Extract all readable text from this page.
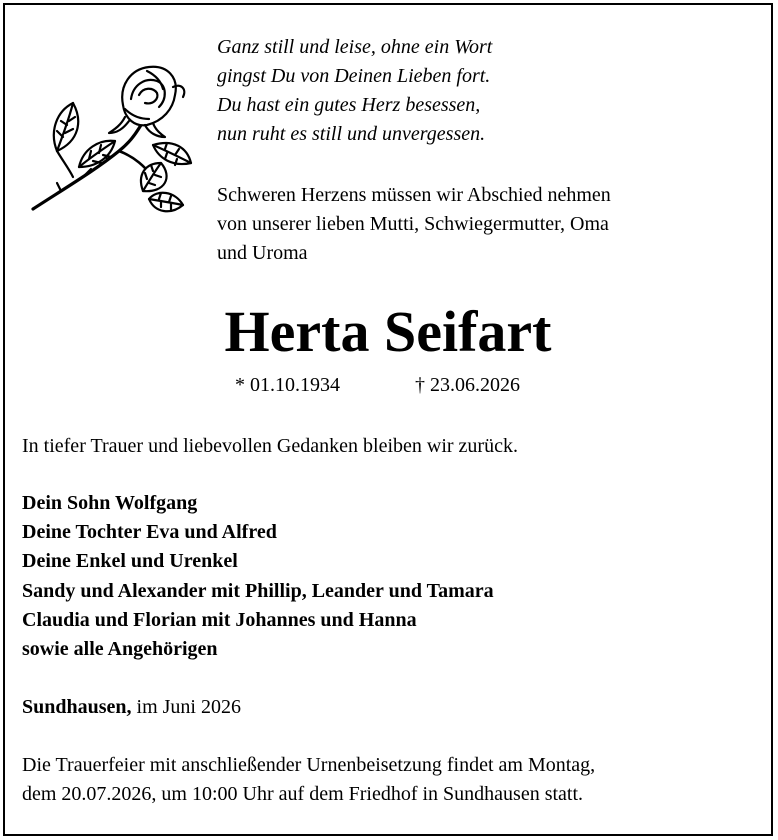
Ganz still und leise, ohne ein Wort
gingst Du von Deinen Lieben fort.
Du hast ein gutes Herz besessen,
nun ruht es still und unvergessen.
Schweren Herzens müssen wir Abschied nehmen
von unserer lieben Mutti, Schwiegermutter, Oma
und Uroma
Herta Seifart
* 01.10.1934	† 23.06.2026
In tiefer Trauer und liebevollen Gedanken bleiben wir zurück.
Dein Sohn Wolfgang
Deine Tochter Eva und Alfred
Deine Enkel und Urenkel
Sandy und Alexander mit Phillip, Leander und Tamara
Claudia und Florian mit Johannes und Hanna
sowie alle Angehörigen
Sundhausen, im Juni 2026
Die Trauerfeier mit anschließender Urnenbeisetzung findet am Montag,
dem 20.07.2026, um 10:00 Uhr auf dem Friedhof in Sundhausen statt.
